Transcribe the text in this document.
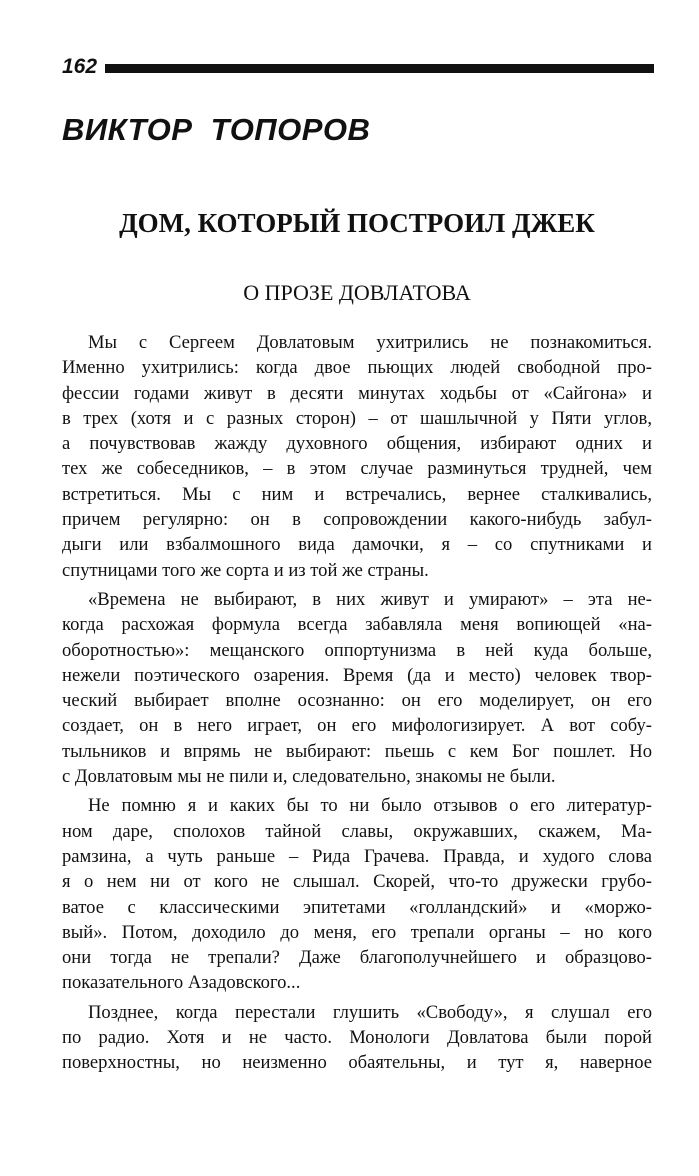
162
ВИКТОР  ТОПОРОВ
ДОМ, КОТОРЫЙ ПОСТРОИЛ ДЖЕК
О ПРОЗЕ ДОВЛАТОВА
Мы с Сергеем Довлатовым ухитрились не познакомиться.
Именно ухитрились: когда двое пьющих людей свободной про-
фессии годами живут в десяти минутах ходьбы от «Сайгона» и
в трех (хотя и с разных сторон) – от шашлычной у Пяти углов,
а почувствовав жажду духовного общения, избирают одних и
тех же собеседников, – в этом случае разминуться трудней, чем
встретиться. Мы с ним и встречались, вернее сталкивались,
причем регулярно: он в сопровождении какого-нибудь забул-
дыги или взбалмошного вида дамочки, я – со спутниками и
спутницами того же сорта и из той же страны.
«Времена не выбирают, в них живут и умирают» – эта не-
когда расхожая формула всегда забавляла меня вопиющей «на-
оборотностью»: мещанского оппортунизма в ней куда больше,
нежели поэтического озарения. Время (да и место) человек твор-
ческий выбирает вполне осознанно: он его моделирует, он его
создает, он в него играет, он его мифологизирует. А вот собу-
тыльников и впрямь не выбирают: пьешь с кем Бог пошлет. Но
с Довлатовым мы не пили и, следовательно, знакомы не были.
Не помню я и каких бы то ни было отзывов о его литератур-
ном даре, сполохов тайной славы, окружавших, скажем, Ма-
рамзина, а чуть раньше – Рида Грачева. Правда, и худого слова
я о нем ни от кого не слышал. Скорей, что-то дружески грубо-
ватое с классическими эпитетами «голландский» и «моржо-
вый». Потом, доходило до меня, его трепали органы – но кого
они тогда не трепали? Даже благополучнейшего и образцово-
показательного Азадовского...
Позднее, когда перестали глушить «Свободу», я слушал его
по радио. Хотя и не часто. Монологи Довлатова были порой
поверхностны, но неизменно обаятельны, и тут я, наверное
